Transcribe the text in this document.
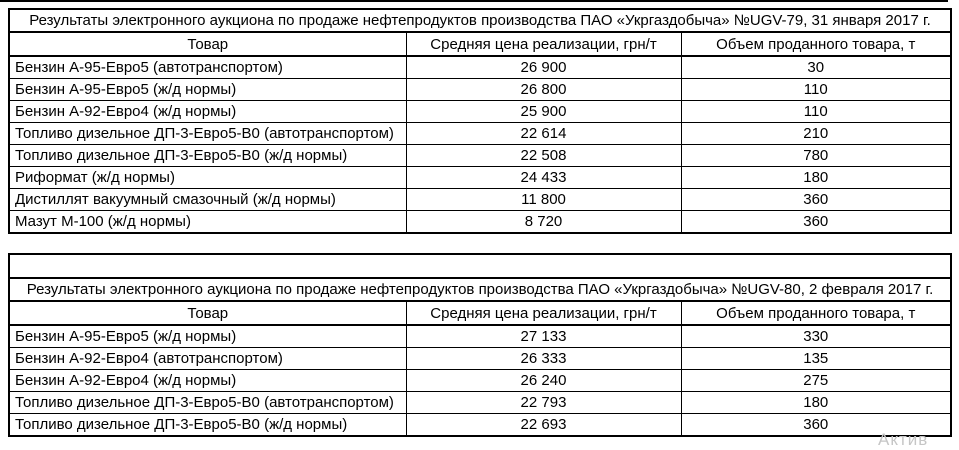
Результаты электронного аукциона по продаже нефтепродуктов производства ПАО «Укргаздобыча» №UGV-79, 31 января 2017 г.		
Товар	Средняя цена реализации, грн/т	Объем проданного товара, т
Бензин А-95-Евро5 (автотранспортом)	26 900	30
Бензин А-95-Евро5 (ж/д нормы)	26 800	110
Бензин А-92-Евро4 (ж/д нормы)	25 900	110
Топливо дизельное ДП-3-Евро5-В0 (автотранспортом)	22 614	210
Топливо дизельное ДП-3-Евро5-В0 (ж/д нормы)	22 508	780
Риформат (ж/д нормы)	24 433	180
Дистиллят вакуумный смазочный (ж/д нормы)	11 800	360
Мазут М-100 (ж/д нормы)	8 720	360

Результаты электронного аукциона по продаже нефтепродуктов производства ПАО «Укргаздобыча» №UGV-80, 2 февраля 2017 г.		
Товар	Средняя цена реализации, грн/т	Объем проданного товара, т
Бензин А-95-Евро5 (ж/д нормы)	27 133	330
Бензин А-92-Евро4 (автотранспортом)	26 333	135
Бензин А-92-Евро4 (ж/д нормы)	26 240	275
Топливо дизельное ДП-3-Евро5-В0 (автотранспортом)	22 793	180
Топливо дизельное ДП-3-Евро5-В0 (ж/д нормы)	22 693	360
Актив
